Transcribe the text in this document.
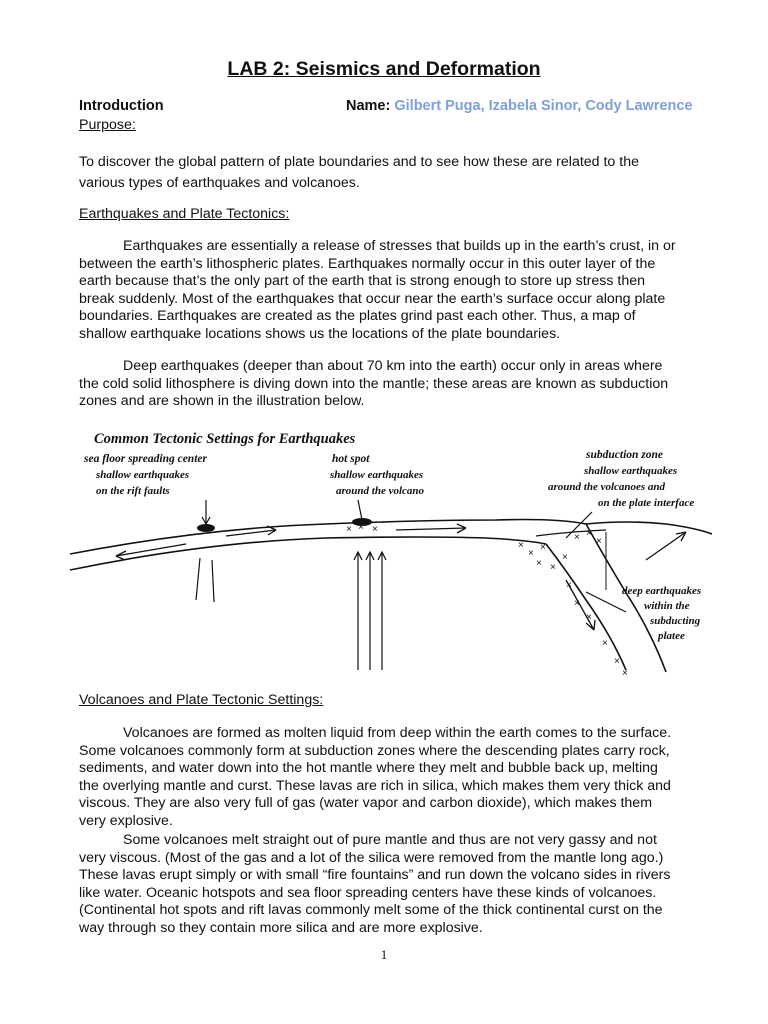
LAB 2: Seismics and Deformation
Introduction	Name: Gilbert Puga, Izabela Sinor, Cody Lawrence
Purpose:
To discover the global pattern of plate boundaries and to see how these are related to the
various types of earthquakes and volcanoes.
Earthquakes and Plate Tectonics:
Earthquakes are essentially a release of stresses that builds up in the earth’s crust, in or
between the earth’s lithospheric plates. Earthquakes normally occur in this outer layer of the
earth because that’s the only part of the earth that is strong enough to store up stress then
break suddenly. Most of the earthquakes that occur near the earth’s surface occur along plate
boundaries. Earthquakes are created as the plates grind past each other. Thus, a map of
shallow earthquake locations shows us the locations of the plate boundaries.
Deep earthquakes (deeper than about 70 km into the earth) occur only in areas where
the cold solid lithosphere is diving down into the mantle; these areas are known as subduction
zones and are shown in the illustration below.
Common Tectonic Settings for Earthquakes
sea floor spreading center
shallow earthquakes
on the rift faults
hot spot
shallow earthquakes
around the volcano
subduction zone
shallow earthquakes
around the volcanoes and
on the plate interface
deep earthquakes
within the
subducting
platee
×
×
×
× ×
×
× ×
×
×
×
×
×
×
×
× × ×
Volcanoes and Plate Tectonic Settings:
Volcanoes are formed as molten liquid from deep within the earth comes to the surface.
Some volcanoes commonly form at subduction zones where the descending plates carry rock,
sediments, and water down into the hot mantle where they melt and bubble back up, melting
the overlying mantle and curst. These lavas are rich in silica, which makes them very thick and
viscous. They are also very full of gas (water vapor and carbon dioxide), which makes them
very explosive.
Some volcanoes melt straight out of pure mantle and thus are not very gassy and not
very viscous. (Most of the gas and a lot of the silica were removed from the mantle long ago.)
These lavas erupt simply or with small “fire fountains” and run down the volcano sides in rivers
like water. Oceanic hotspots and sea floor spreading centers have these kinds of volcanoes.
(Continental hot spots and rift lavas commonly melt some of the thick continental curst on the
way through so they contain more silica and are more explosive.
1
